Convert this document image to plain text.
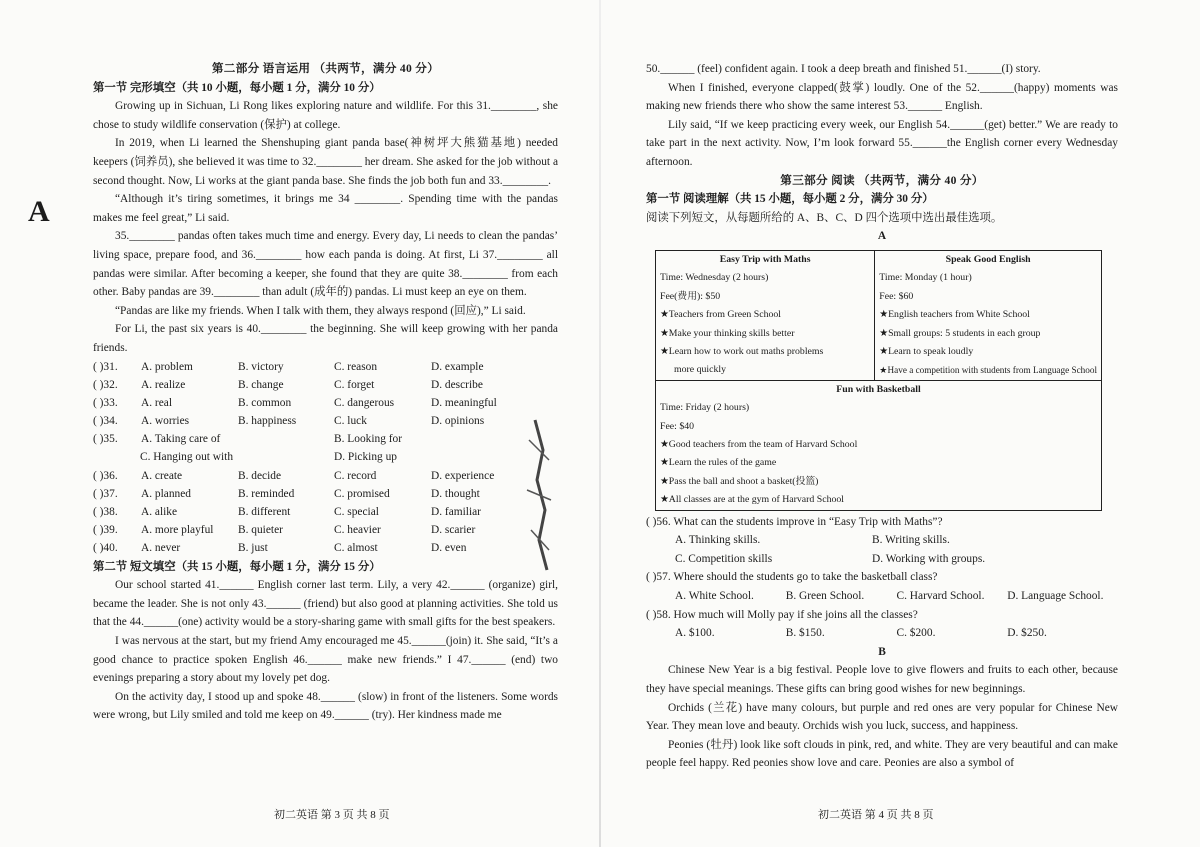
A
第二部分 语言运用 （共两节，满分 40 分）
第一节 完形填空（共 10 小题，每小题 1 分，满分 10 分）

Growing up in Sichuan, Li Rong likes exploring nature and wildlife. For this 31.________, she chose to study wildlife conservation (保护) at college.

In 2019, when Li learned the Shenshuping giant panda base(神树坪大熊猫基地) needed keepers (饲养员), she believed it was time to 32.________ her dream. She asked for the job without a second thought. Now, Li works at the giant panda base. She finds the job both fun and 33.________.

“Although it’s tiring sometimes, it brings me 34 ________. Spending time with the pandas makes me feel great,” Li said.

35.________ pandas often takes much time and energy. Every day, Li needs to clean the pandas’ living space, prepare food, and 36.________ how each panda is doing. At first, Li 37.________ all pandas were similar. After becoming a keeper, she found that they are quite 38.________ from each other. Baby pandas are 39.________ than adult (成年的) pandas. Li must keep an eye on them.

“Pandas are like my friends. When I talk with them, they always respond (回应),” Li said.

For Li, the past six years is 40.________ the beginning. She will keep growing with her panda friends.

( )31.	A. problem	B. victory	C. reason	D. example
( )32.	A. realize	B. change	C. forget	D. describe
( )33.	A. real	B. common	C. dangerous	D. meaningful
( )34.	A. worries	B. happiness	C. luck	D. opinions
( )35.	A. Taking care of	B. Looking for
C. Hanging out with	D. Picking up
( )36.	A. create	B. decide	C. record	D. experience
( )37.	A. planned	B. reminded	C. promised	D. thought
( )38.	A. alike	B. different	C. special	D. familiar
( )39.	A. more playful	B. quieter	C. heavier	D. scarier
( )40.	A. never	B. just	C. almost	D. even
第二节 短文填空（共 15 小题，每小题 1 分，满分 15 分）

Our school started 41.______ English corner last term. Lily, a very 42.______ (organize) girl, became the leader. She is not only 43.______ (friend) but also good at planning activities. She told us that the 44.______(one) activity would be a story-sharing game with small gifts for the best speakers.

I was nervous at the start, but my friend Amy encouraged me 45.______(join) it. She said, “It’s a good chance to practice spoken English 46.______ make new friends.” I 47.______ (end) two evenings preparing a story about my lovely pet dog.

On the activity day, I stood up and spoke 48.______ (slow) in front of the listeners. Some words were wrong, but Lily smiled and told me keep on 49.______ (try). Her kindness made me

初二英语 第 3 页 共 8 页

50.______ (feel) confident again. I took a deep breath and finished 51.______(I) story.

When I finished, everyone clapped(鼓掌) loudly. One of the 52.______(happy) moments was making new friends there who show the same interest 53.______ English.

Lily said, “If we keep practicing every week, our English 54.______(get) better.” We are ready to take part in the next activity. Now, I’m look forward 55.______the English corner every Wednesday afternoon.

第三部分 阅读 （共两节，满分 40 分）
第一节 阅读理解（共 15 小题，每小题 2 分，满分 30 分）
阅读下列短文，从每题所给的 A、B、C、D 四个选项中选出最佳选项。
A
Easy Trip with Maths
Time: Wednesday (2 hours)
Fee(费用): $50
★Teachers from Green School
★Make your thinking skills better
★Learn how to work out maths problems
more quickly

Speak Good English
Time: Monday (1 hour)
Fee: $60
★English teachers from White School
★Small groups: 5 students in each group
★Learn to speak loudly
★Have a competition with students from Language School

Fun with Basketball
Time: Friday (2 hours)
Fee: $40
★Good teachers from the team of Harvard School
★Learn the rules of the game
★Pass the ball and shoot a basket(投篮)
★All classes are at the gym of Harvard School
( )56. What can the students improve in “Easy Trip with Maths”?
A. Thinking skills.	B. Writing skills.
C. Competition skills	D. Working with groups.
( )57. Where should the students go to take the basketball class?
A. White School.	B. Green School.	C. Harvard School.	D. Language School.
( )58. How much will Molly pay if she joins all the classes?
A. $100.	B. $150.	C. $200.	D. $250.
B

Chinese New Year is a big festival. People love to give flowers and fruits to each other, because they have special meanings. These gifts can bring good wishes for new beginnings.

Orchids (兰花) have many colours, but purple and red ones are very popular for Chinese New Year. They mean love and beauty. Orchids wish you luck, success, and happiness.

Peonies (牡丹) look like soft clouds in pink, red, and white. They are very beautiful and can make people feel happy. Red peonies show love and care. Peonies are also a symbol of

初二英语 第 4 页 共 8 页
